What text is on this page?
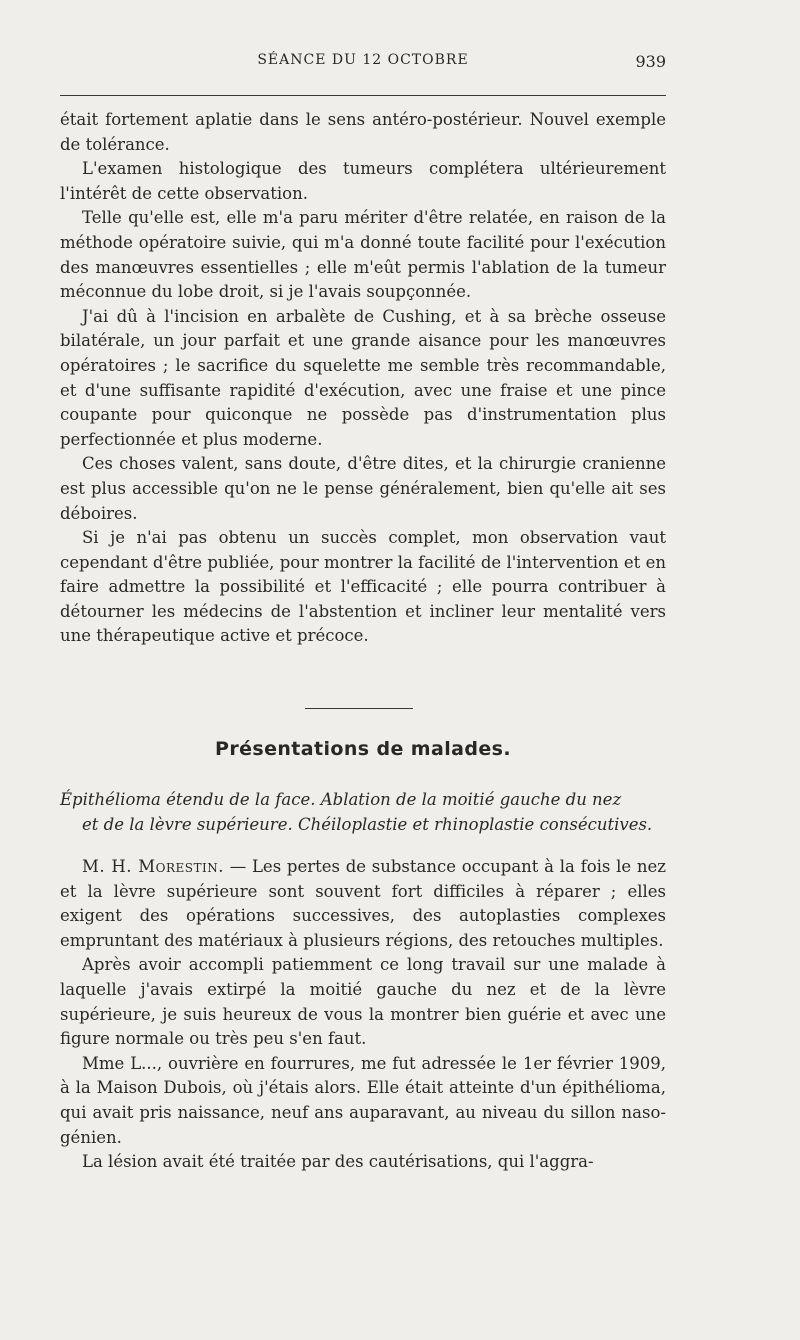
SÉANCE DU 12 OCTOBRE	939

était fortement aplatie dans le sens antéro-postérieur. Nouvel exemple de tolérance.

L'examen histologique des tumeurs complétera ultérieurement l'intérêt de cette observation.

Telle qu'elle est, elle m'a paru mériter d'être relatée, en raison de la méthode opératoire suivie, qui m'a donné toute facilité pour l'exécution des manœuvres essentielles ; elle m'eût permis l'ablation de la tumeur méconnue du lobe droit, si je l'avais soupçonnée.

J'ai dû à l'incision en arbalète de Cushing, et à sa brèche osseuse bilatérale, un jour parfait et une grande aisance pour les manœuvres opératoires ; le sacrifice du squelette me semble très recommandable, et d'une suffisante rapidité d'exécution, avec une fraise et une pince coupante pour quiconque ne possède pas d'instrumentation plus perfectionnée et plus moderne.

Ces choses valent, sans doute, d'être dites, et la chirurgie cranienne est plus accessible qu'on ne le pense généralement, bien qu'elle ait ses déboires.

Si je n'ai pas obtenu un succès complet, mon observation vaut cependant d'être publiée, pour montrer la facilité de l'intervention et en faire admettre la possibilité et l'efficacité ; elle pourra contribuer à détourner les médecins de l'abstention et incliner leur mentalité vers une thérapeutique active et précoce.

Présentations de malades.

Épithélioma étendu de la face. Ablation de la moitié gauche du nez

et de la lèvre supérieure. Chéiloplastie et rhinoplastie consécutives.

M. H. Morestin. — Les pertes de substance occupant à la fois le nez et la lèvre supérieure sont souvent fort difficiles à réparer ; elles exigent des opérations successives, des autoplasties complexes empruntant des matériaux à plusieurs régions, des retouches multiples.

Après avoir accompli patiemment ce long travail sur une malade à laquelle j'avais extirpé la moitié gauche du nez et de la lèvre supérieure, je suis heureux de vous la montrer bien guérie et avec une figure normale ou très peu s'en faut.

Mme L..., ouvrière en fourrures, me fut adressée le 1er février 1909, à la Maison Dubois, où j'étais alors. Elle était atteinte d'un épithélioma, qui avait pris naissance, neuf ans auparavant, au niveau du sillon naso-génien.

La lésion avait été traitée par des cautérisations, qui l'aggra-
